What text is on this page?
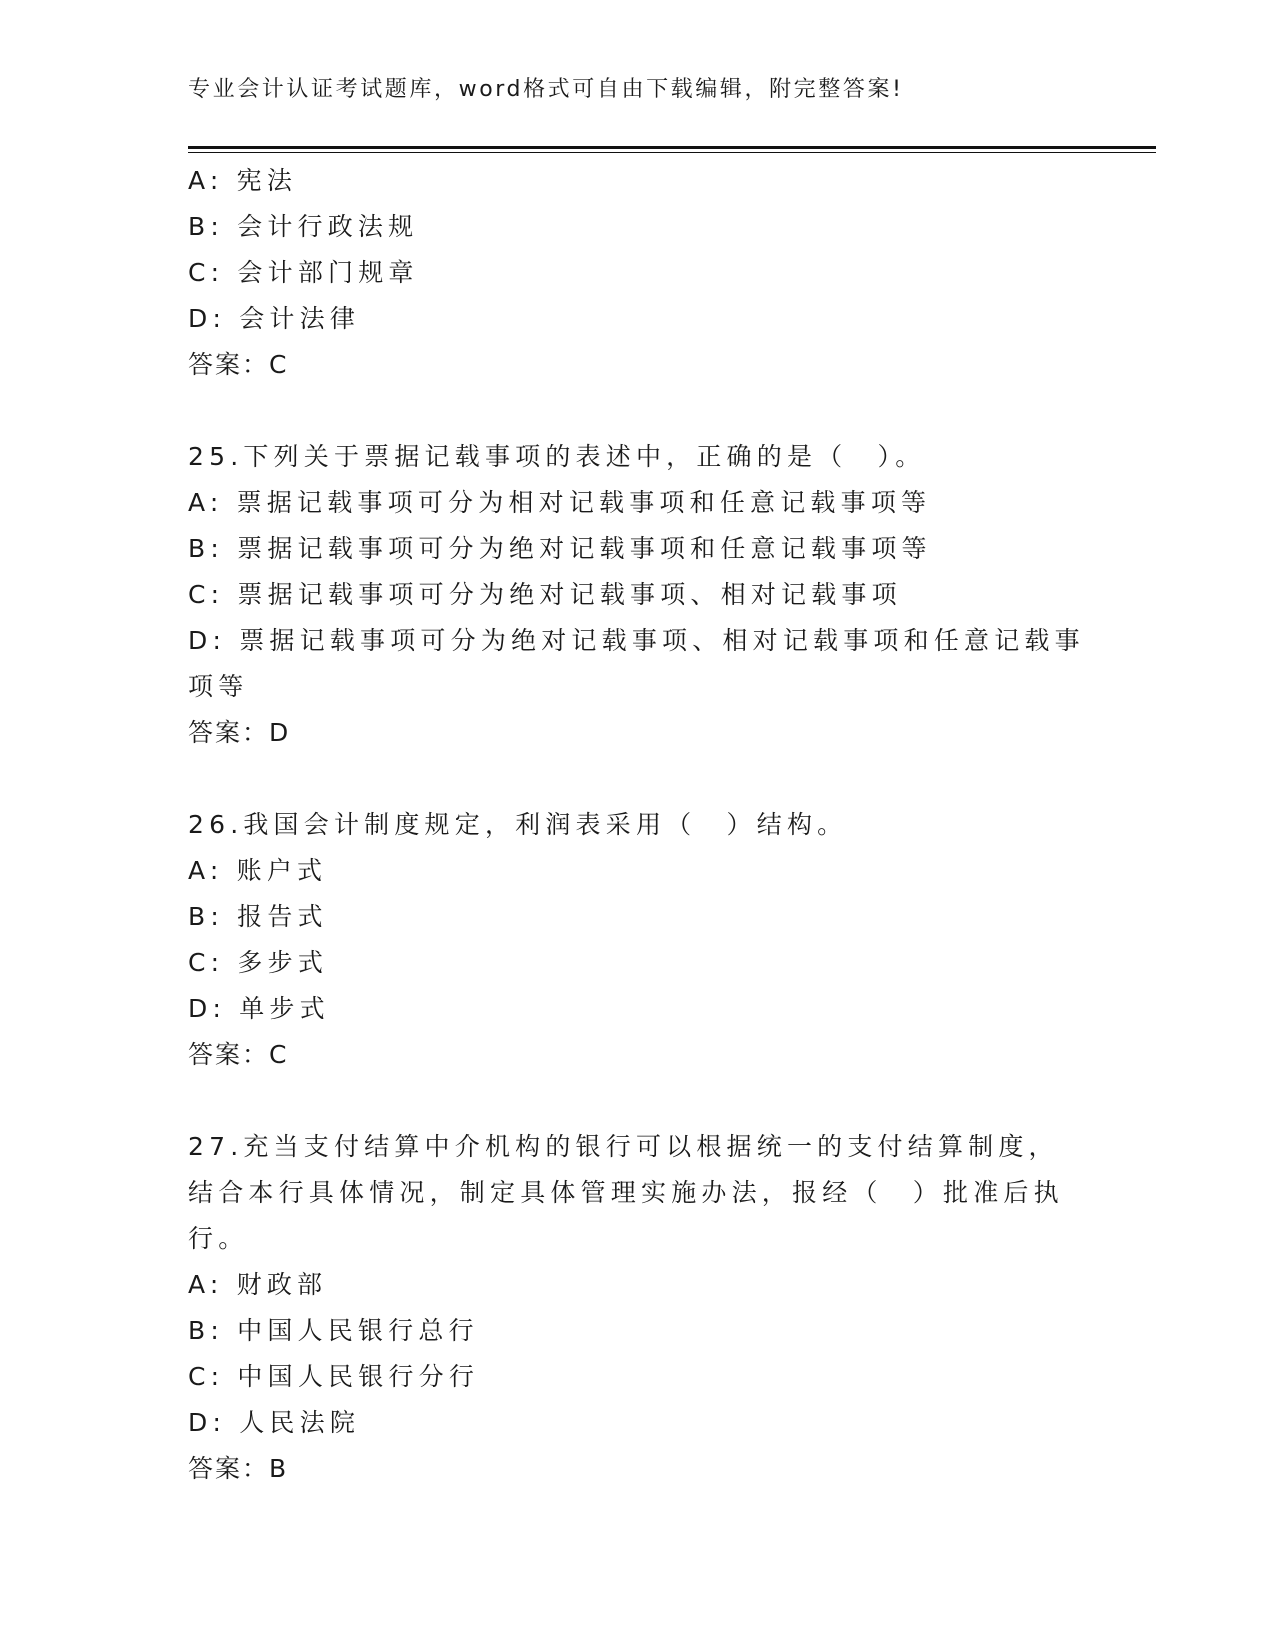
专业会计认证考试题库，word格式可自由下载编辑，附完整答案!

A: 宪法

B: 会计行政法规

C: 会计部门规章

D: 会计法律

答案：C

25.下列关于票据记载事项的表述中，正确的是（　）。

A: 票据记载事项可分为相对记载事项和任意记载事项等

B: 票据记载事项可分为绝对记载事项和任意记载事项等

C: 票据记载事项可分为绝对记载事项、相对记载事项

D: 票据记载事项可分为绝对记载事项、相对记载事项和任意记载事项等

答案：D

26.我国会计制度规定，利润表采用（　）结构。

A: 账户式

B: 报告式

C: 多步式

D: 单步式

答案：C

27.充当支付结算中介机构的银行可以根据统一的支付结算制度，结合本行具体情况，制定具体管理实施办法，报经（　）批准后执行。

A: 财政部

B: 中国人民银行总行

C: 中国人民银行分行

D: 人民法院

答案：B
